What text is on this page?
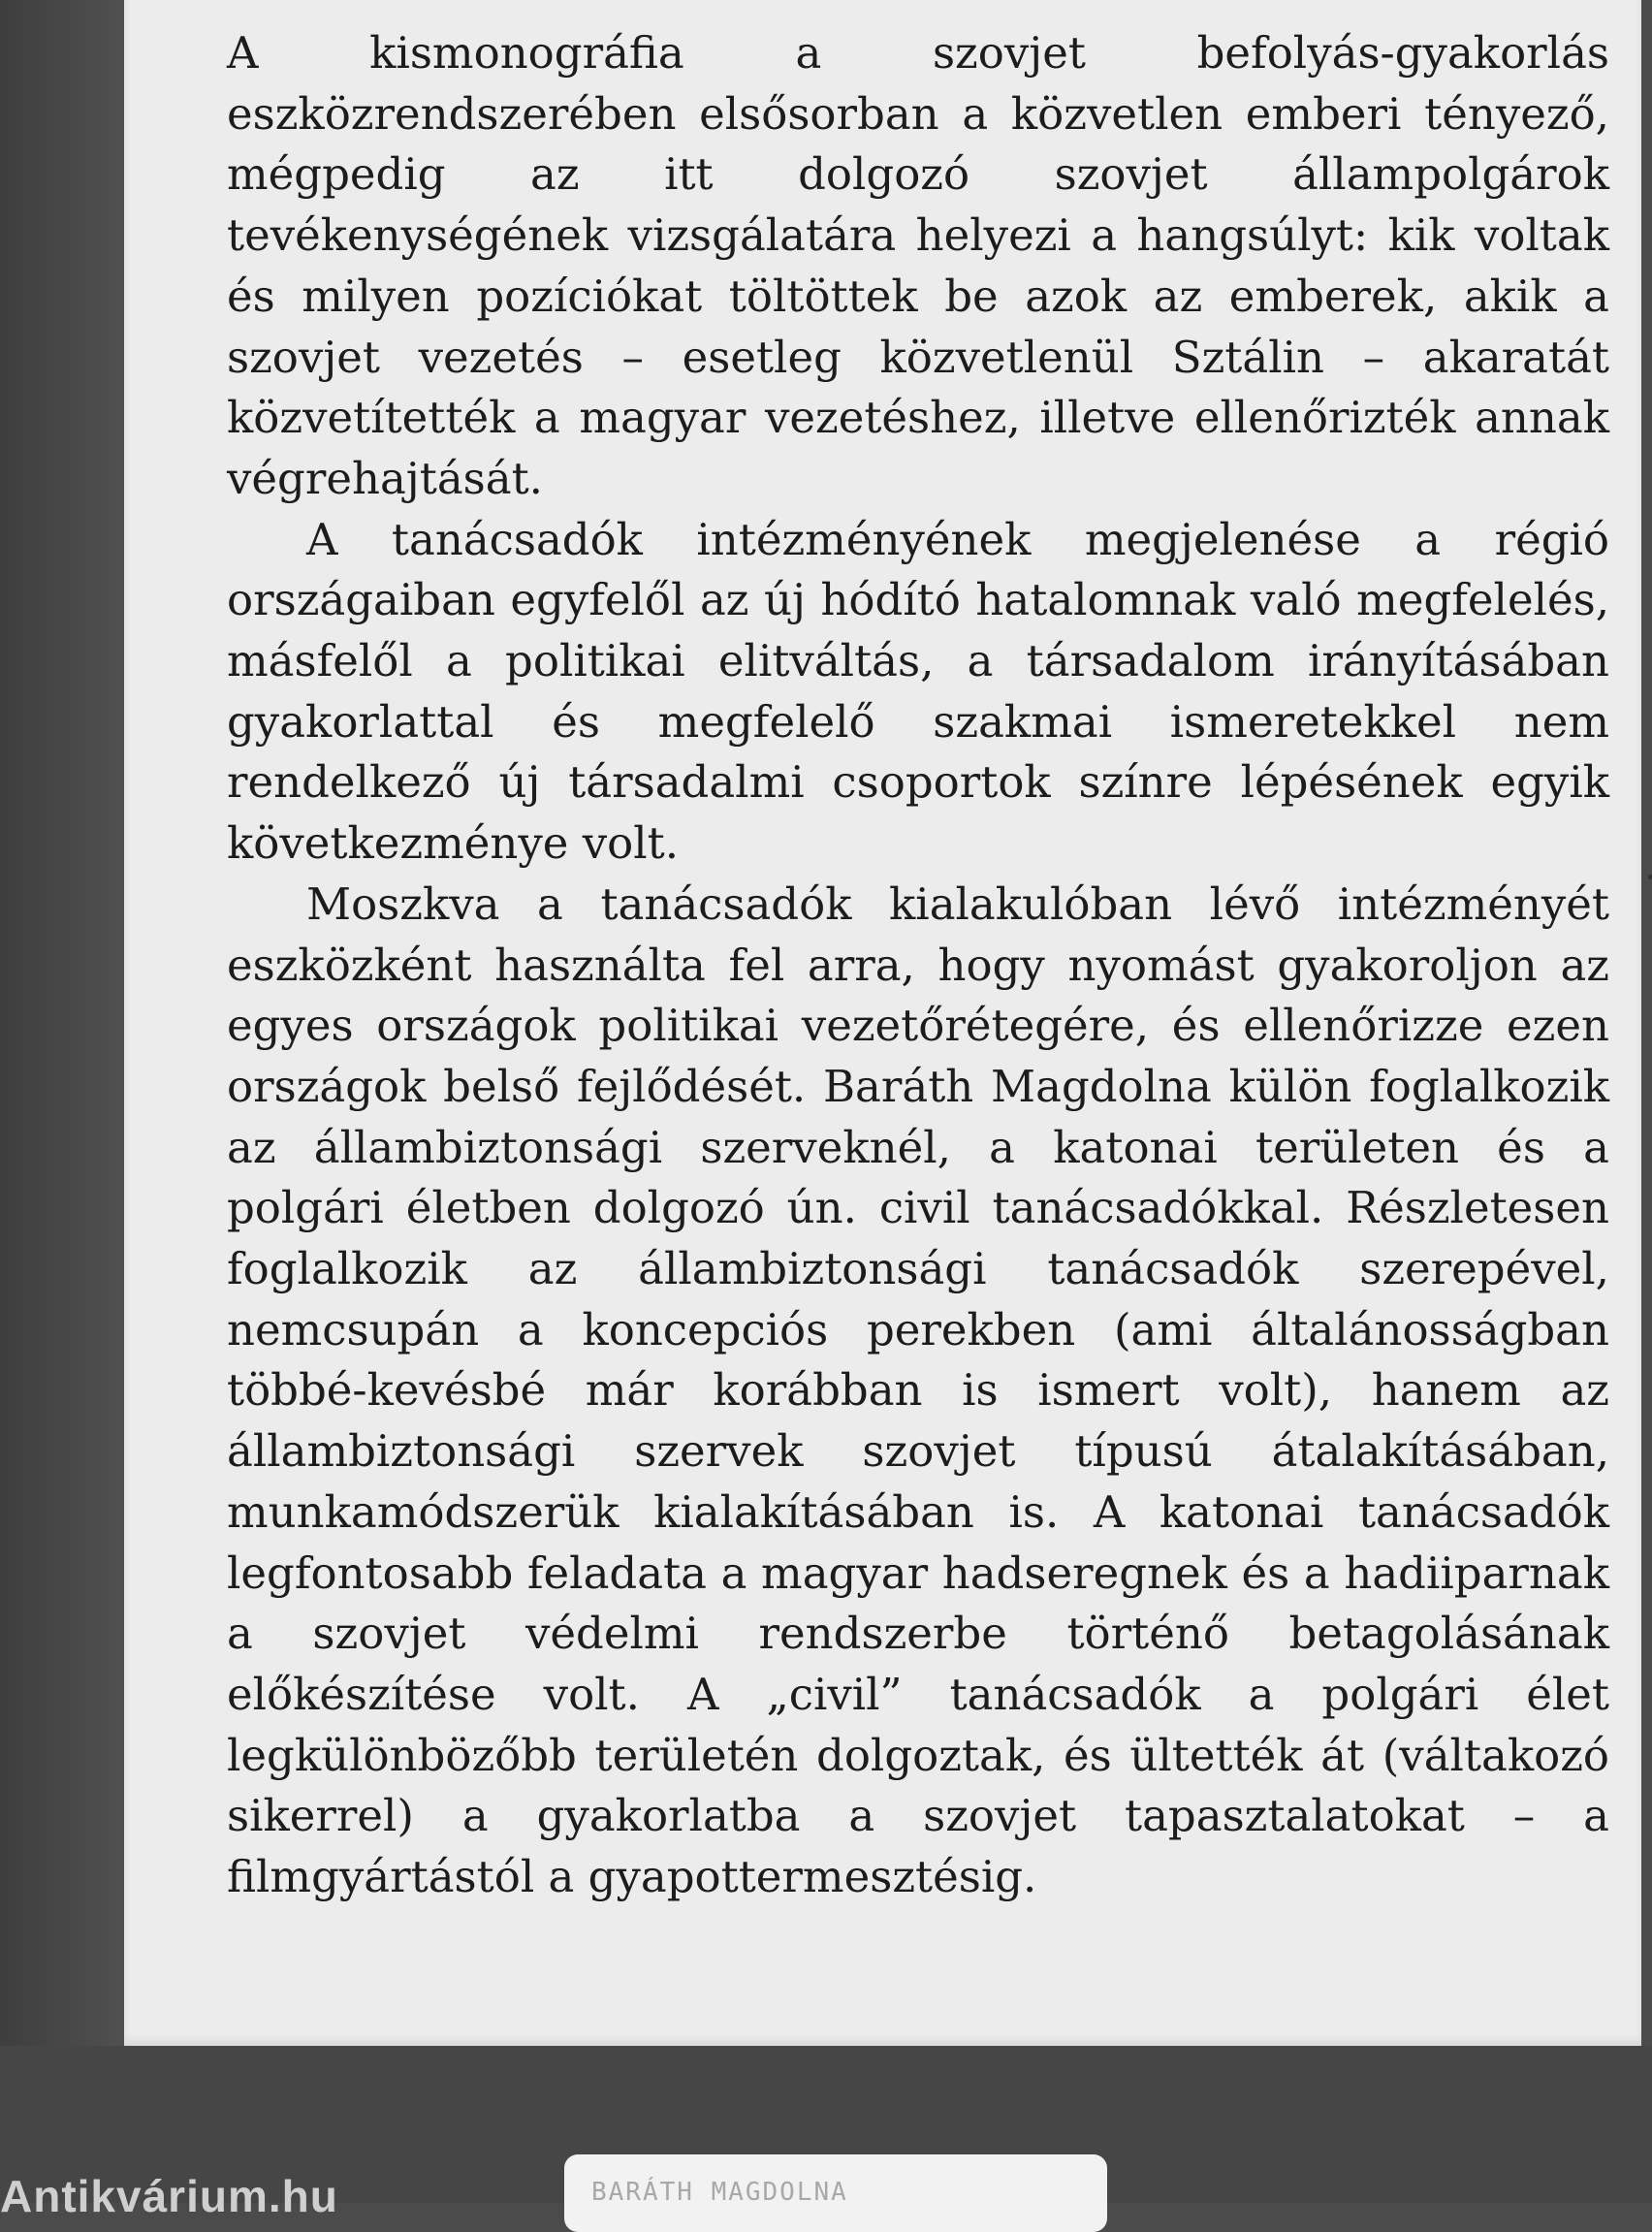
A kismonográfia a szovjet befolyás-gyakorlás eszközrendszerében elsősorban a közvetlen emberi tényező, mégpedig az itt dolgozó szovjet állampolgárok tevékenységének vizsgálatára helyezi a hangsúlyt: kik voltak és milyen pozíciókat töltöttek be azok az emberek, akik a szovjet vezetés – esetleg közvetlenül Sztálin – akaratát közvetítették a magyar vezetéshez, illetve ellenőrizték annak végrehajtását.

A tanácsadók intézményének megjelenése a régió országaiban egyfelől az új hódító hatalomnak való megfelelés, másfelől a politikai elitváltás, a társadalom irányításában gyakorlattal és megfelelő szakmai ismeretekkel nem rendelkező új társadalmi csoportok színre lépésének egyik következménye volt.

Moszkva a tanácsadók kialakulóban lévő intézményét eszközként használta fel arra, hogy nyomást gyakoroljon az egyes országok politikai vezetőrétegére, és ellenőrizze ezen országok belső fejlődését. Baráth Magdolna külön foglalkozik az állambiztonsági szerveknél, a katonai területen és a polgári életben dolgozó ún. civil tanácsadókkal. Részletesen foglalkozik az állambiztonsági tanácsadók szerepével, nemcsupán a koncepciós perekben (ami általánosságban többé-kevésbé már korábban is ismert volt), hanem az állambiztonsági szervek szovjet típusú átalakításában, munkamódszerük kialakításában is. A katonai tanácsadók legfontosabb feladata a magyar hadseregnek és a hadiiparnak a szovjet védelmi rendszerbe történő betagolásának előkészítése volt. A „civil” tanácsadók a polgári élet legkülönbözőbb területén dolgoztak, és ültették át (váltakozó sikerrel) a gyakorlatba a szovjet tapasztalatokat – a filmgyártástól a gyapottermesztésig.

Antikvárium.hu	BARÁTH MAGDOLNA
